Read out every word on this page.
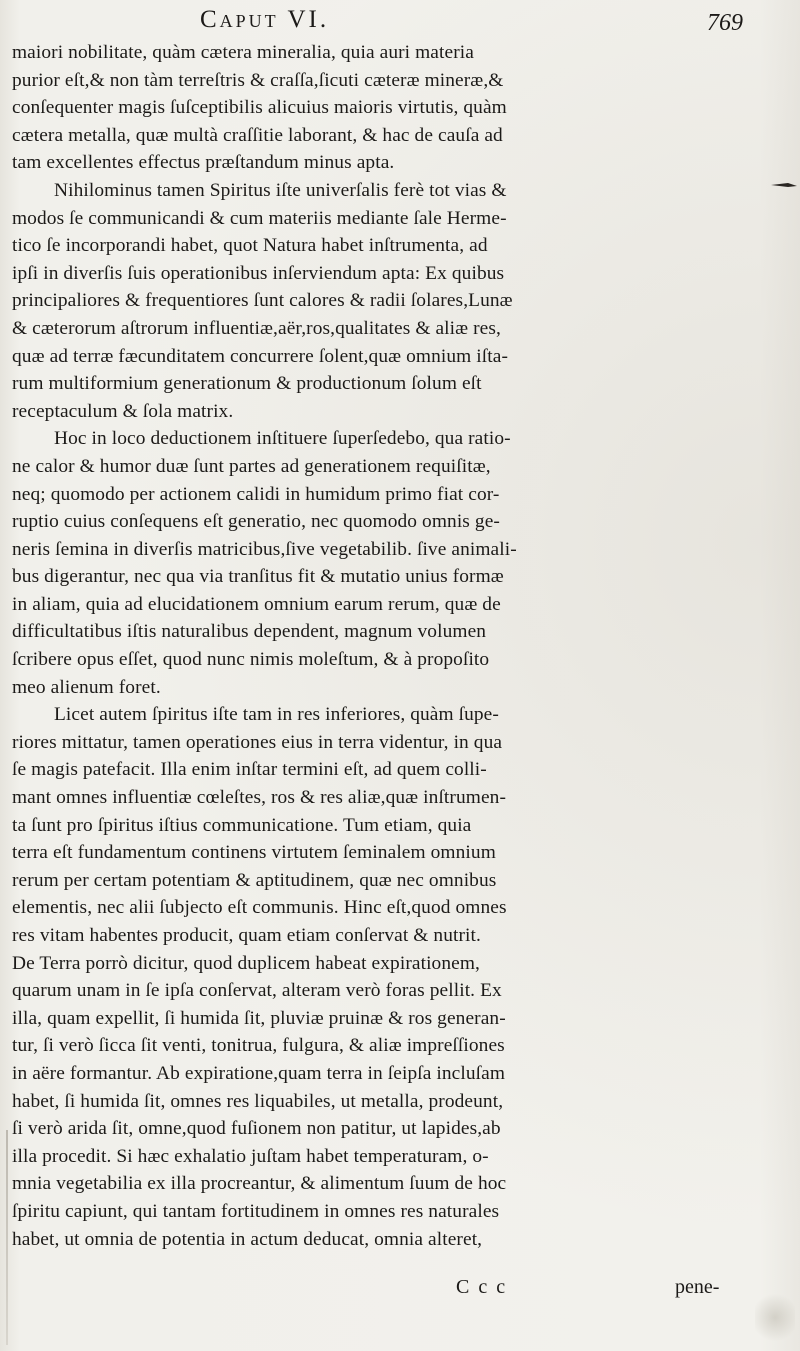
Caput VI.	769
maiori nobilitate, quàm cætera mineralia, quia auri materia
purior eſt,& non tàm terreſtris & craſſa,ſicuti cæteræ mineræ,&
conſequenter magis ſuſceptibilis alicuius maioris virtutis, quàm
cætera metalla, quæ multà craſſitie laborant, & hac de cauſa ad
tam excellentes effectus præſtandum minus apta.
Nihilominus tamen Spiritus iſte univerſalis ferè tot vias &
modos ſe communicandi & cum materiis mediante ſale Herme-
tico ſe incorporandi habet, quot Natura habet inſtrumenta, ad
ipſi in diverſis ſuis operationibus inſerviendum apta: Ex quibus
principaliores & frequentiores ſunt calores & radii ſolares,Lunæ
& cæterorum aſtrorum influentiæ,aër,ros,qualitates & aliæ res,
quæ ad terræ fæcunditatem concurrere ſolent,quæ omnium iſta-
rum multiformium generationum & productionum ſolum eſt
receptaculum & ſola matrix.
Hoc in loco deductionem inſtituere ſuperſedebo, qua ratio-
ne calor & humor duæ ſunt partes ad generationem requiſitæ,
neq; quomodo per actionem calidi in humidum primo fiat cor-
ruptio cuius conſequens eſt generatio, nec quomodo omnis ge-
neris ſemina in diverſis matricibus,ſive vegetabilib. ſive animali-
bus digerantur, nec qua via tranſitus fit & mutatio unius formæ
in aliam, quia ad elucidationem omnium earum rerum, quæ de
difficultatibus iſtis naturalibus dependent, magnum volumen
ſcribere opus eſſet, quod nunc nimis moleſtum, & à propoſito
meo alienum foret.
Licet autem ſpiritus iſte tam in res inferiores, quàm ſupe-
riores mittatur, tamen operationes eius in terra videntur, in qua
ſe magis patefacit. Illa enim inſtar termini eſt, ad quem colli-
mant omnes influentiæ cœleſtes, ros & res aliæ,quæ inſtrumen-
ta ſunt pro ſpiritus iſtius communicatione. Tum etiam, quia
terra eſt fundamentum continens virtutem ſeminalem omnium
rerum per certam potentiam & aptitudinem, quæ nec omnibus
elementis, nec alii ſubjecto eſt communis. Hinc eſt,quod omnes
res vitam habentes producit, quam etiam conſervat & nutrit.
De Terra porrò dicitur, quod duplicem habeat expirationem,
quarum unam in ſe ipſa conſervat, alteram verò foras pellit. Ex
illa, quam expellit, ſi humida ſit, pluviæ pruinæ & ros generan-
tur, ſi verò ſicca ſit venti, tonitrua, fulgura, & aliæ impreſſiones
in aëre formantur. Ab expiratione,quam terra in ſeipſa incluſam
habet, ſi humida ſit, omnes res liquabiles, ut metalla, prodeunt,
ſi verò arida ſit, omne,quod fuſionem non patitur, ut lapides,ab
illa procedit. Si hæc exhalatio juſtam habet temperaturam, o-
mnia vegetabilia ex illa procreantur, & alimentum ſuum de hoc
ſpiritu capiunt, qui tantam fortitudinem in omnes res naturales
habet, ut omnia de potentia in actum deducat, omnia alteret,
C c c	pene-
